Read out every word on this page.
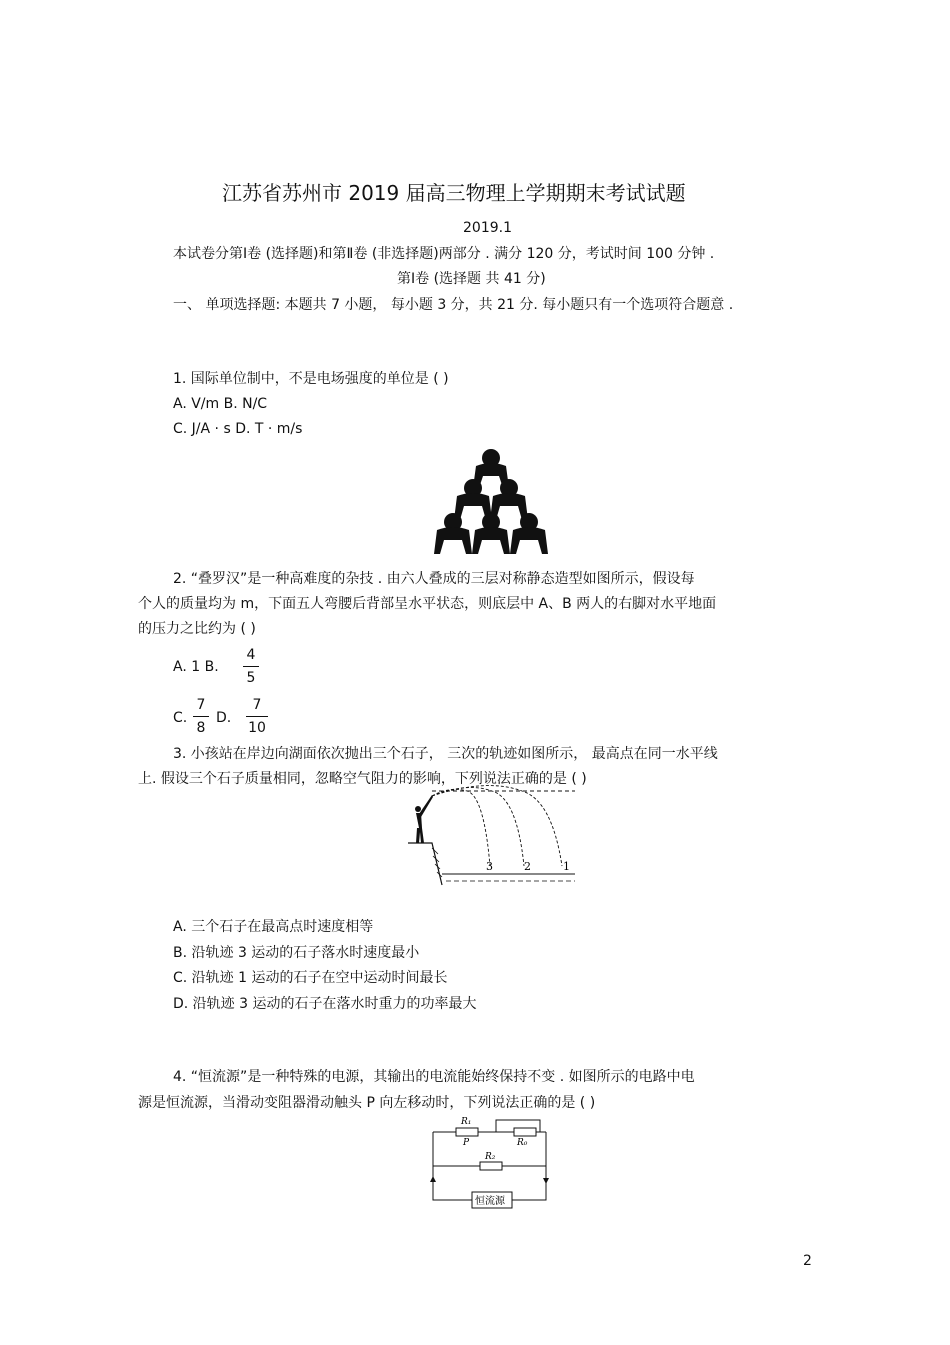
江苏省苏州市 2019 届高三物理上学期期末考试试题
2019.1
本试卷分第Ⅰ卷 (选择题)和第Ⅱ卷 (非选择题)两部分 . 满分 120 分，考试时间 100 分钟 .
第Ⅰ卷 (选择题 共 41 分)
一、 单项选择题: 本题共 7 小题， 每小题 3 分，共 21 分. 每小题只有一个选项符合题意 .
1. 国际单位制中，不是电场强度的单位是 ( )
A. V/m B. N/C
C. J/A · s D. T · m/s
A	B
2. “叠罗汉”是一种高难度的杂技 . 由六人叠成的三层对称静态造型如图所示，假设每
个人的质量均为 m，下面五人弯腰后背部呈水平状态，则底层中 A、B 两人的右脚对水平地面
的压力之比约为 ( )
A. 1 B.
4
5
C.
7
8
D.
7
10
3. 小孩站在岸边向湖面依次抛出三个石子， 三次的轨迹如图所示， 最高点在同一水平线
上. 假设三个石子质量相同，忽略空气阻力的影响，下列说法正确的是 ( )
3	2	1
A. 三个石子在最高点时速度相等
B. 沿轨迹 3 运动的石子落水时速度最小
C. 沿轨迹 1 运动的石子在空中运动时间最长
D. 沿轨迹 3 运动的石子在落水时重力的功率最大
4. “恒流源”是一种特殊的电源，其输出的电流能始终保持不变 . 如图所示的电路中电
源是恒流源，当滑动变阻器滑动触头 P 向左移动时，下列说法正确的是 ( )
R₁
P	R₀
R₂
恒流源
2
